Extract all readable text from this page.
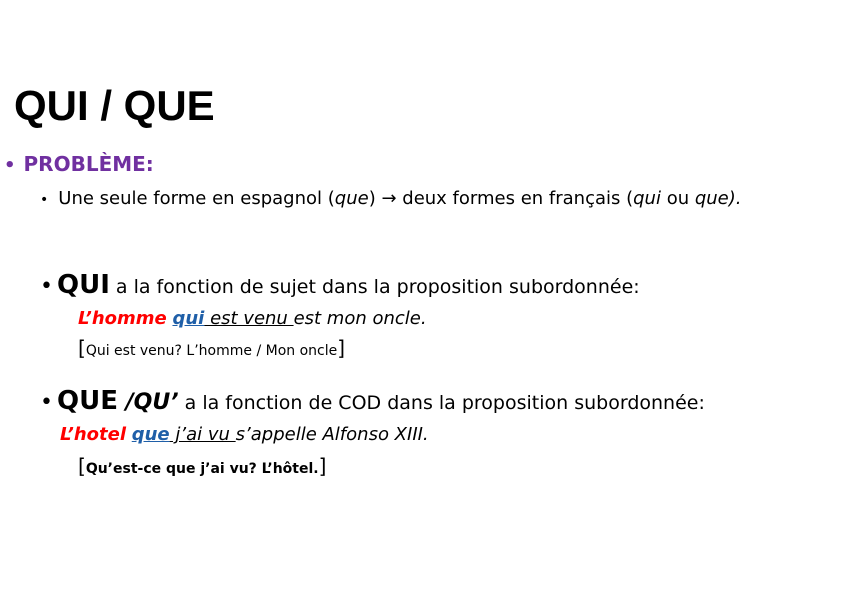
QUI / QUE
• PROBLÈME:
• Une seule forme en espagnol (que) → deux formes en français (qui ou que).
• QUI a la fonction de sujet dans la proposition subordonnée:
L’homme qui est venu est mon oncle.
[Qui est venu? L’homme / Mon oncle]
• QUE /QU’ a la fonction de COD dans la proposition subordonnée:
L’hotel que j’ai vu s’appelle Alfonso XIII.
[Qu’est-ce que j’ai vu? L’hôtel.]
